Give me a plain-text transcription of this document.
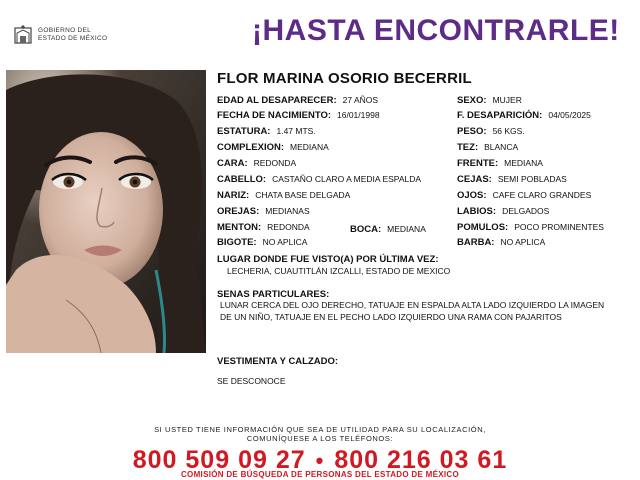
GOBIERNO DEL
ESTADO DE MÉXICO	¡HASTA ENCONTRARLE!
FLOR MARINA OSORIO BECERRIL
EDAD AL DESAPARECER: 27 AÑOS
FECHA DE NACIMIENTO: 16/01/1998
ESTATURA: 1.47 MTS.
COMPLEXION: MEDIANA
CARA: REDONDA
CABELLO: CASTAÑO CLARO A MEDIA ESPALDA
NARIZ: CHATA BASE DELGADA
OREJAS: MEDIANAS
MENTON: REDONDA	BOCA: MEDIANA
BIGOTE: NO APLICA
SEXO: MUJER
F. DESAPARICIÓN: 04/05/2025
PESO: 56 KGS.
TEZ: BLANCA
FRENTE: MEDIANA
CEJAS: SEMI POBLADAS
OJOS: CAFE CLARO GRANDES
LABIOS: DELGADOS
POMULOS: POCO PROMINENTES
BARBA: NO APLICA
LUGAR DONDE FUE VISTO(A) POR ÚLTIMA VEZ:
LECHERIA, CUAUTITLÁN IZCALLI, ESTADO DE MEXICO
SENAS PARTICULARES:
LUNAR CERCA DEL OJO DERECHO, TATUAJE EN ESPALDA ALTA LADO IZQUIERDO LA IMAGEN DE UN NIÑO, TATUAJE EN EL PECHO LADO IZQUIERDO UNA RAMA CON PAJARITOS
VESTIMENTA Y CALZADO:
SE DESCONOCE
SI USTED TIENE INFORMACIÓN QUE SEA DE UTILIDAD PARA SU LOCALIZACIÓN,
COMUNÍQUESE A LOS TELÉFONOS:
800 509 09 27 • 800 216 03 61
COMISIÓN DE BÚSQUEDA DE PERSONAS DEL ESTADO DE MÉXICO
